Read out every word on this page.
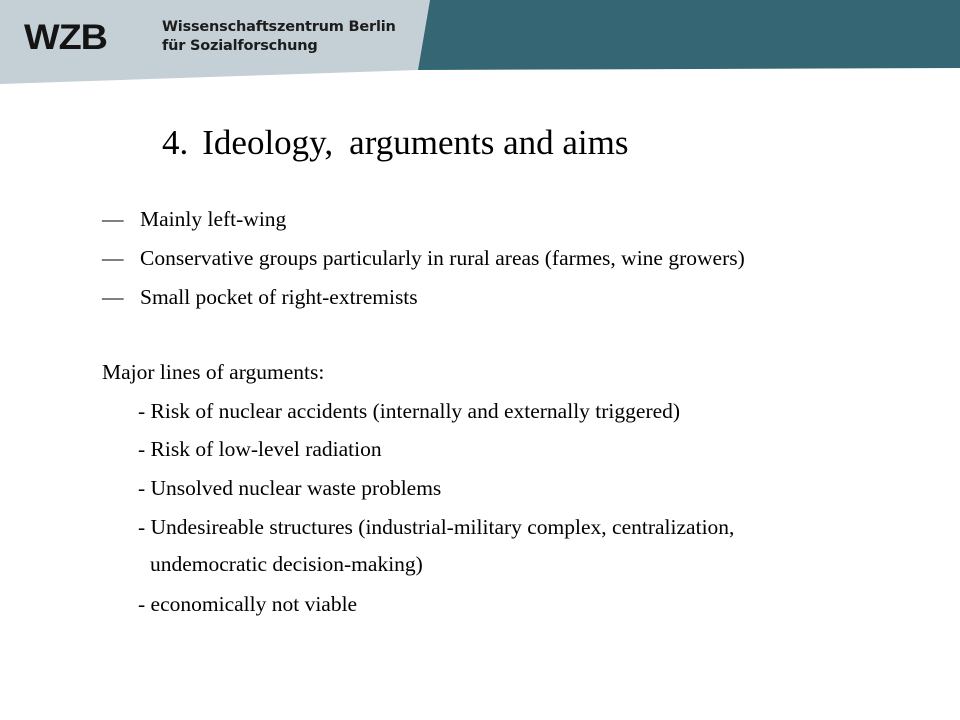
WZB	Wissenschaftszentrum Berlin
für Sozialforschung
4. Ideology, arguments and aims
— Mainly left-wing
— Conservative groups particularly in rural areas (farmes, wine growers)
— Small pocket of right-extremists
Major lines of arguments:
- Risk of nuclear accidents (internally and externally triggered)
- Risk of low-level radiation
- Unsolved nuclear waste problems
- Undesireable structures (industrial-military complex, centralization,
undemocratic decision-making)
- economically not viable
